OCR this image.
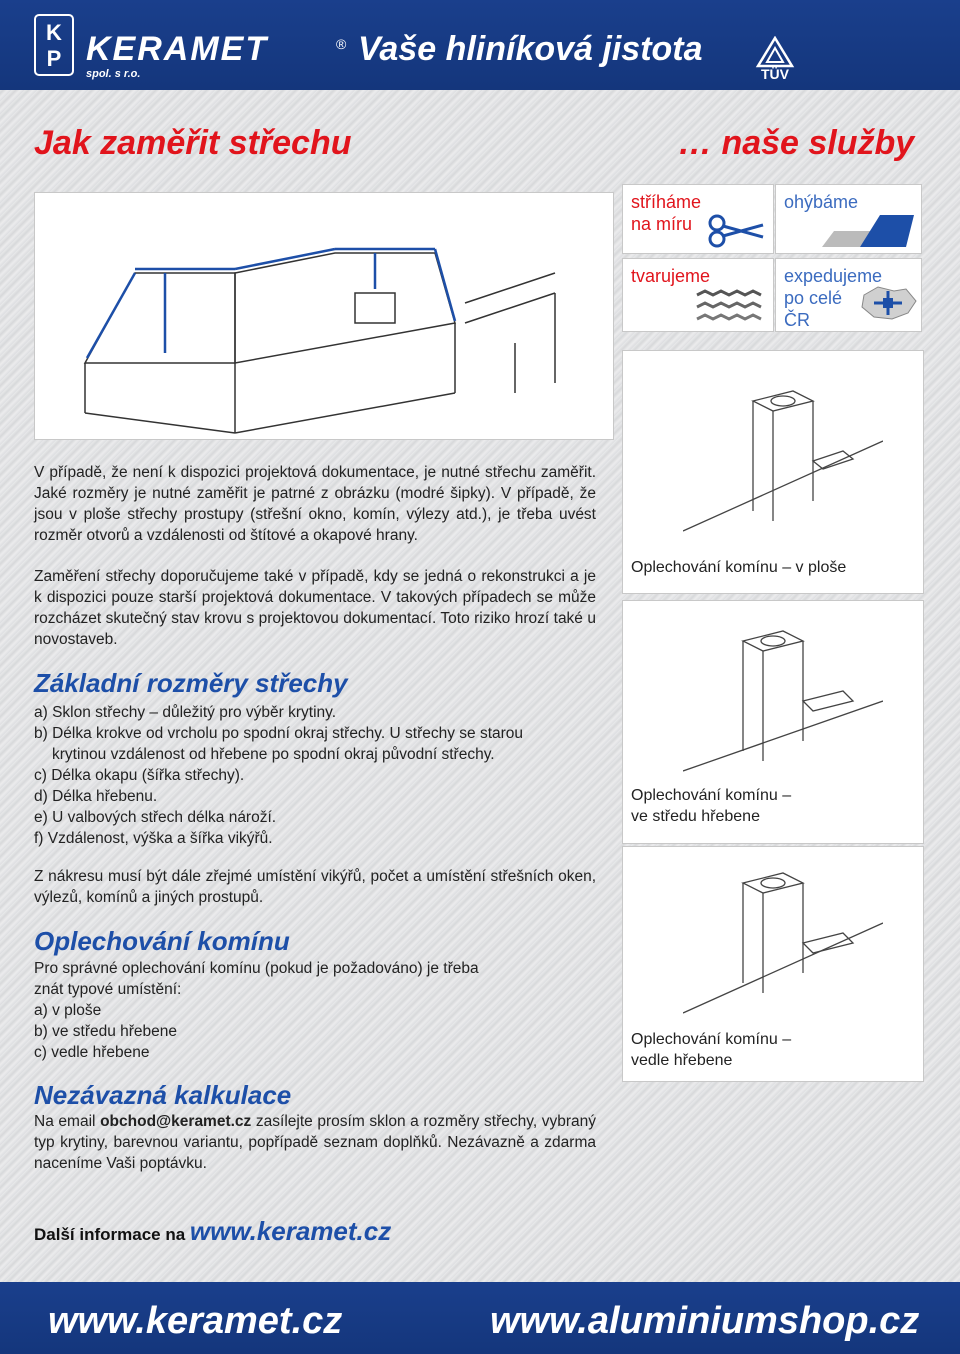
K
P KERAMET
spol. s r.o.
® Vaše hliníková jistota
TÜV
Jak zaměřit střechu	… naše služby
stříháme
na míru
ohýbáme
tvarujeme	expedujeme
po celé
ČR
V případě, že není k dispozici projektová dokumentace, je nutné střechu zaměřit. Jaké rozměry je nutné zaměřit je patrné z obrázku (modré šipky). V případě, že jsou v ploše střechy prostupy (střešní okno, komín, výlezy atd.), je třeba uvést rozměr otvorů a vzdálenosti od štítové a okapové hrany.
Zaměření střechy doporučujeme také v případě, kdy se jedná o rekonstrukci a je k dispozici pouze starší projektová dokumentace. V takových případech se může rozcházet skutečný stav krovu s projektovou dokumentací. Toto riziko hrozí také u novostaveb.
Oplechování komínu – v ploše
Oplechování komínu –
ve středu hřebene
Oplechování komínu –
vedle hřebene
Základní rozměry střechy
a) Sklon střechy – důležitý pro výběr krytiny.
b) Délka krokve od vrcholu po spodní okraj střechy. U střechy se starou
krytinou vzdálenost od hřebene po spodní okraj původní střechy.
c) Délka okapu (šířka střechy).
d) Délka hřebenu.
e) U valbových střech délka nároží.
f) Vzdálenost, výška a šířka vikýřů.
Z nákresu musí být dále zřejmé umístění vikýřů, počet a umístění střešních oken, výlezů, komínů a jiných prostupů.
Oplechování komínu
Pro správné oplechování komínu (pokud je požadováno) je třeba
znát typové umístění:
a) v ploše
b) ve středu hřebene
c) vedle hřebene
Nezávazná kalkulace
Na email obchod@keramet.cz zasílejte prosím sklon a rozměry střechy, vybraný typ krytiny, barevnou variantu, popřípadě seznam doplňků. Nezávazně a zdarma naceníme Vaši poptávku.
Další informace na www.keramet.cz
www.keramet.cz	www.aluminiumshop.cz
